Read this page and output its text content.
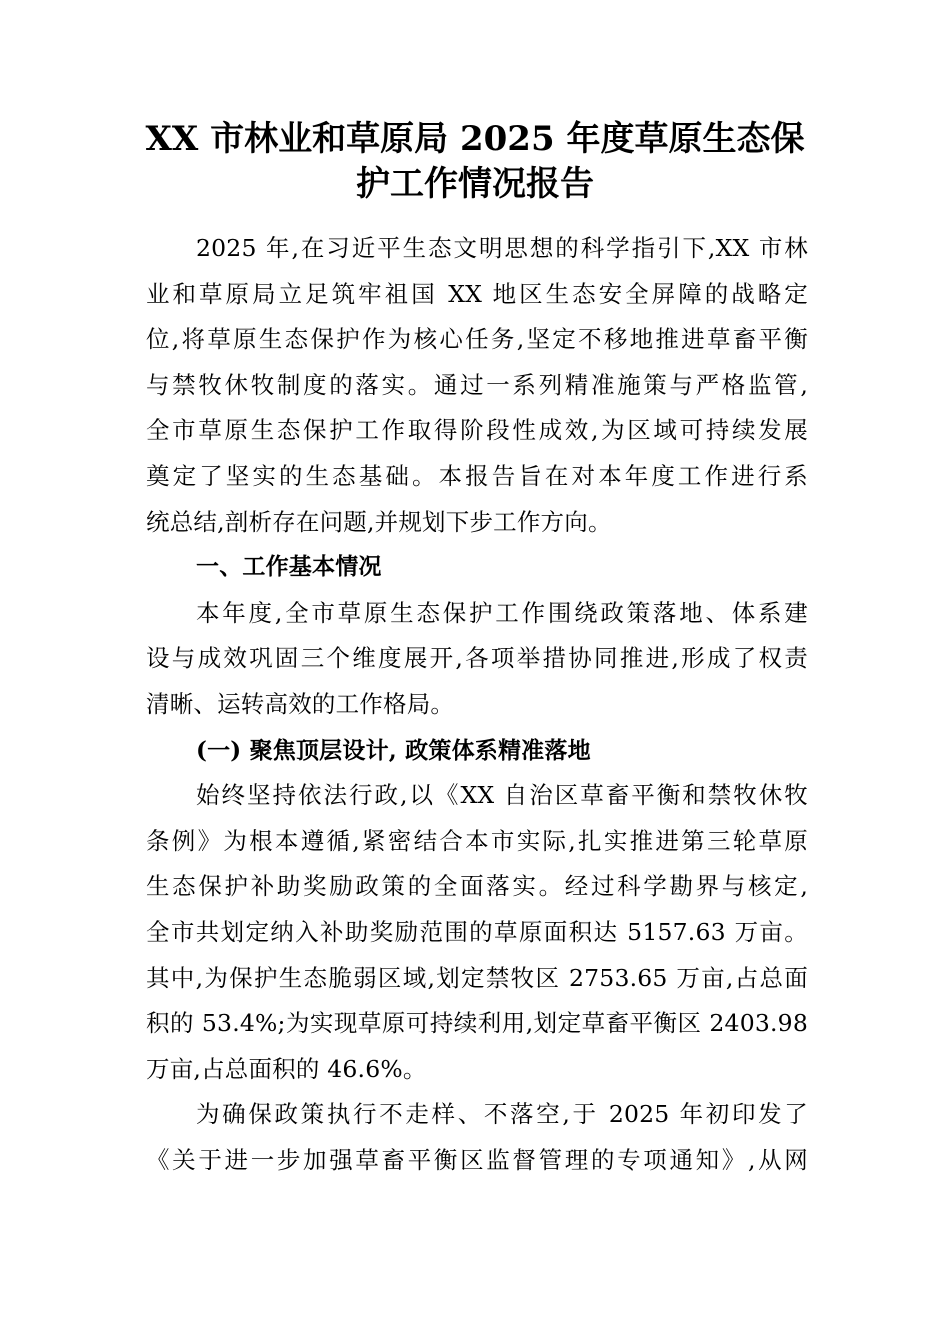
XX 市林业和草原局 2025 年度草原生态保
护工作情况报告
2025 年,在习近平生态文明思想的科学指引下,XX 市林
业和草原局立足筑牢祖国 XX 地区生态安全屏障的战略定
位,将草原生态保护作为核心任务,坚定不移地推进草畜平衡
与禁牧休牧制度的落实。通过一系列精准施策与严格监管,
全市草原生态保护工作取得阶段性成效,为区域可持续发展
奠定了坚实的生态基础。本报告旨在对本年度工作进行系
统总结,剖析存在问题,并规划下步工作方向。
一、工作基本情况
本年度,全市草原生态保护工作围绕政策落地、体系建
设与成效巩固三个维度展开,各项举措协同推进,形成了权责
清晰、运转高效的工作格局。
(一) 聚焦顶层设计, 政策体系精准落地
始终坚持依法行政,以《XX 自治区草畜平衡和禁牧休牧
条例》为根本遵循,紧密结合本市实际,扎实推进第三轮草原
生态保护补助奖励政策的全面落实。经过科学勘界与核定,
全市共划定纳入补助奖励范围的草原面积达 5157.63 万亩。
其中,为保护生态脆弱区域,划定禁牧区 2753.65 万亩,占总面
积的 53.4%;为实现草原可持续利用,划定草畜平衡区 2403.98
万亩,占总面积的 46.6%。
为确保政策执行不走样、不落空,于 2025 年初印发了
《关于进一步加强草畜平衡区监督管理的专项通知》,从网
